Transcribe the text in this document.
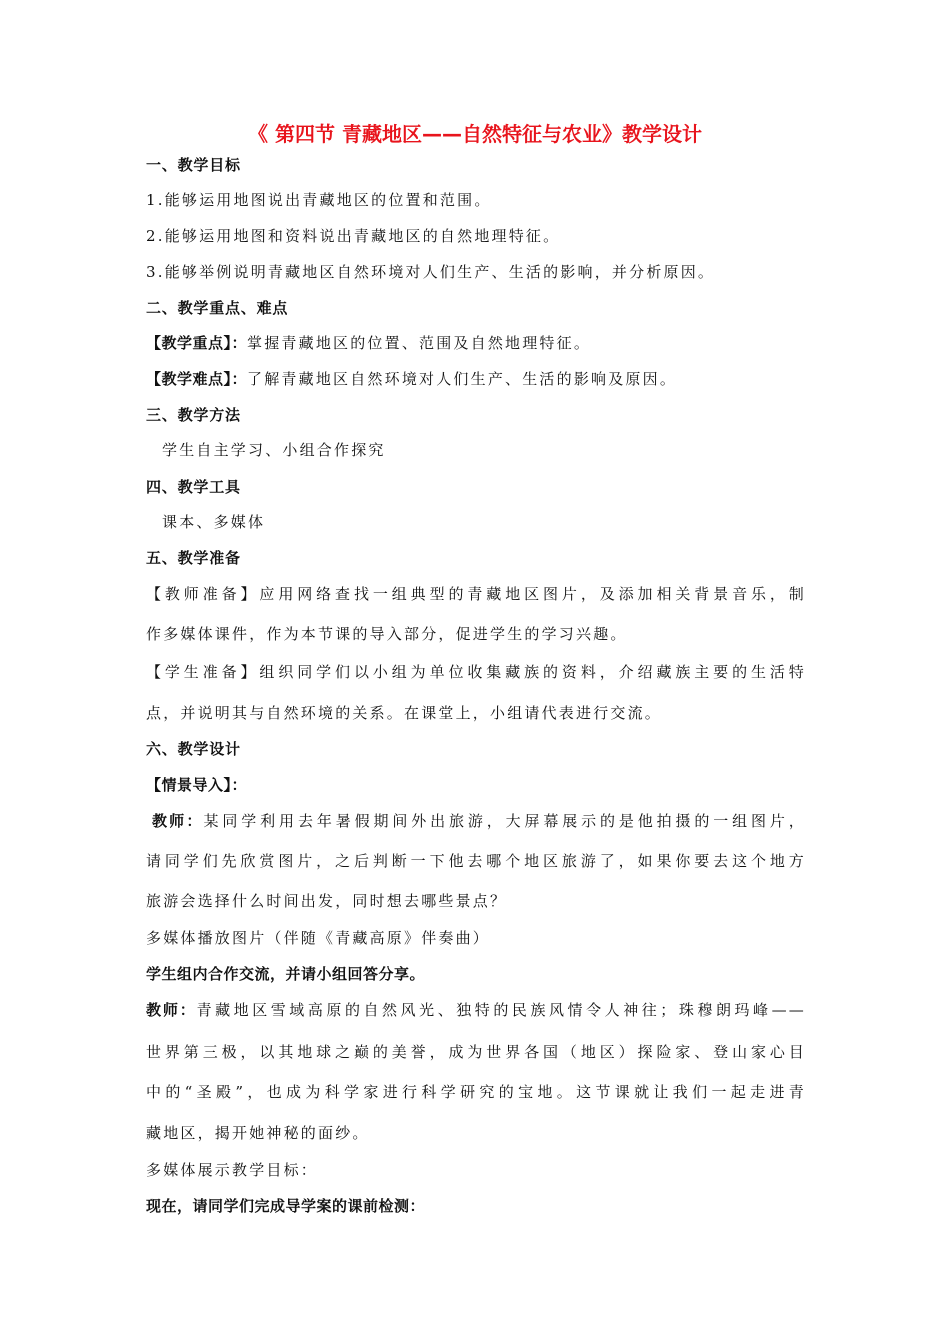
《 第四节 青藏地区——自然特征与农业》教学设计

一、教学目标

1.能够运用地图说出青藏地区的位置和范围。

2.能够运用地图和资料说出青藏地区的自然地理特征。

3.能够举例说明青藏地区自然环境对人们生产、生活的影响，并分析原因。

二、教学重点、难点

【教学重点】：掌握青藏地区的位置、范围及自然地理特征。

【教学难点】：了解青藏地区自然环境对人们生产、生活的影响及原因。

三、教学方法

学生自主学习、小组合作探究

四、教学工具

课本、多媒体

五、教学准备

【教师准备】应用网络查找一组典型的青藏地区图片，及添加相关背景音乐，制

作多媒体课件，作为本节课的导入部分，促进学生的学习兴趣。

【学生准备】组织同学们以小组为单位收集藏族的资料，介绍藏族主要的生活特

点，并说明其与自然环境的关系。在课堂上，小组请代表进行交流。

六、教学设计

【情景导入】：

教师：某同学利用去年暑假期间外出旅游，大屏幕展示的是他拍摄的一组图片，

请同学们先欣赏图片，之后判断一下他去哪个地区旅游了，如果你要去这个地方

旅游会选择什么时间出发，同时想去哪些景点？

多媒体播放图片（伴随《青藏高原》伴奏曲）

学生组内合作交流，并请小组回答分享。

教师：青藏地区雪域高原的自然风光、独特的民族风情令人神往；珠穆朗玛峰——

世界第三极，以其地球之巅的美誉，成为世界各国（地区）探险家、登山家心目

中的“圣殿”，也成为科学家进行科学研究的宝地。这节课就让我们一起走进青

藏地区，揭开她神秘的面纱。

多媒体展示教学目标：

现在，请同学们完成导学案的课前检测：
